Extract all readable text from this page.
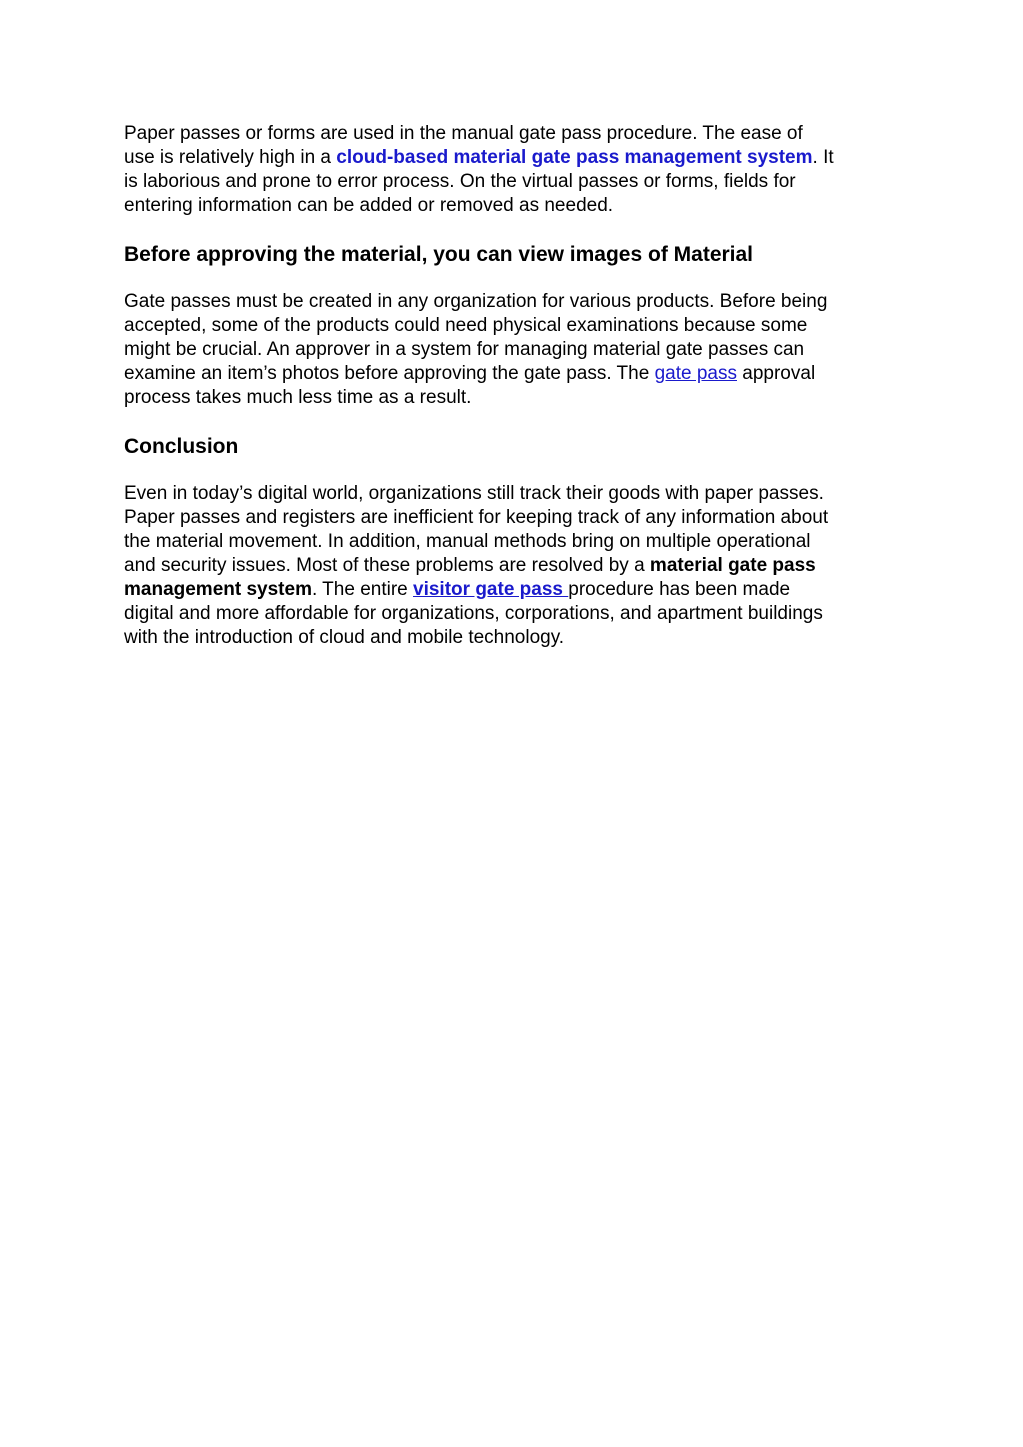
Paper passes or forms are used in the manual gate pass procedure. The ease of
use is relatively high in a cloud-based material gate pass management system. It
is laborious and prone to error process. On the virtual passes or forms, fields for
entering information can be added or removed as needed.

Before approving the material, you can view images of Material

Gate passes must be created in any organization for various products. Before being
accepted, some of the products could need physical examinations because some
might be crucial. An approver in a system for managing material gate passes can
examine an item’s photos before approving the gate pass. The gate pass approval
process takes much less time as a result.

Conclusion

Even in today’s digital world, organizations still track their goods with paper passes.
Paper passes and registers are inefficient for keeping track of any information about
the material movement. In addition, manual methods bring on multiple operational
and security issues. Most of these problems are resolved by a material gate pass
management system. The entire visitor gate pass procedure has been made
digital and more affordable for organizations, corporations, and apartment buildings
with the introduction of cloud and mobile technology.
